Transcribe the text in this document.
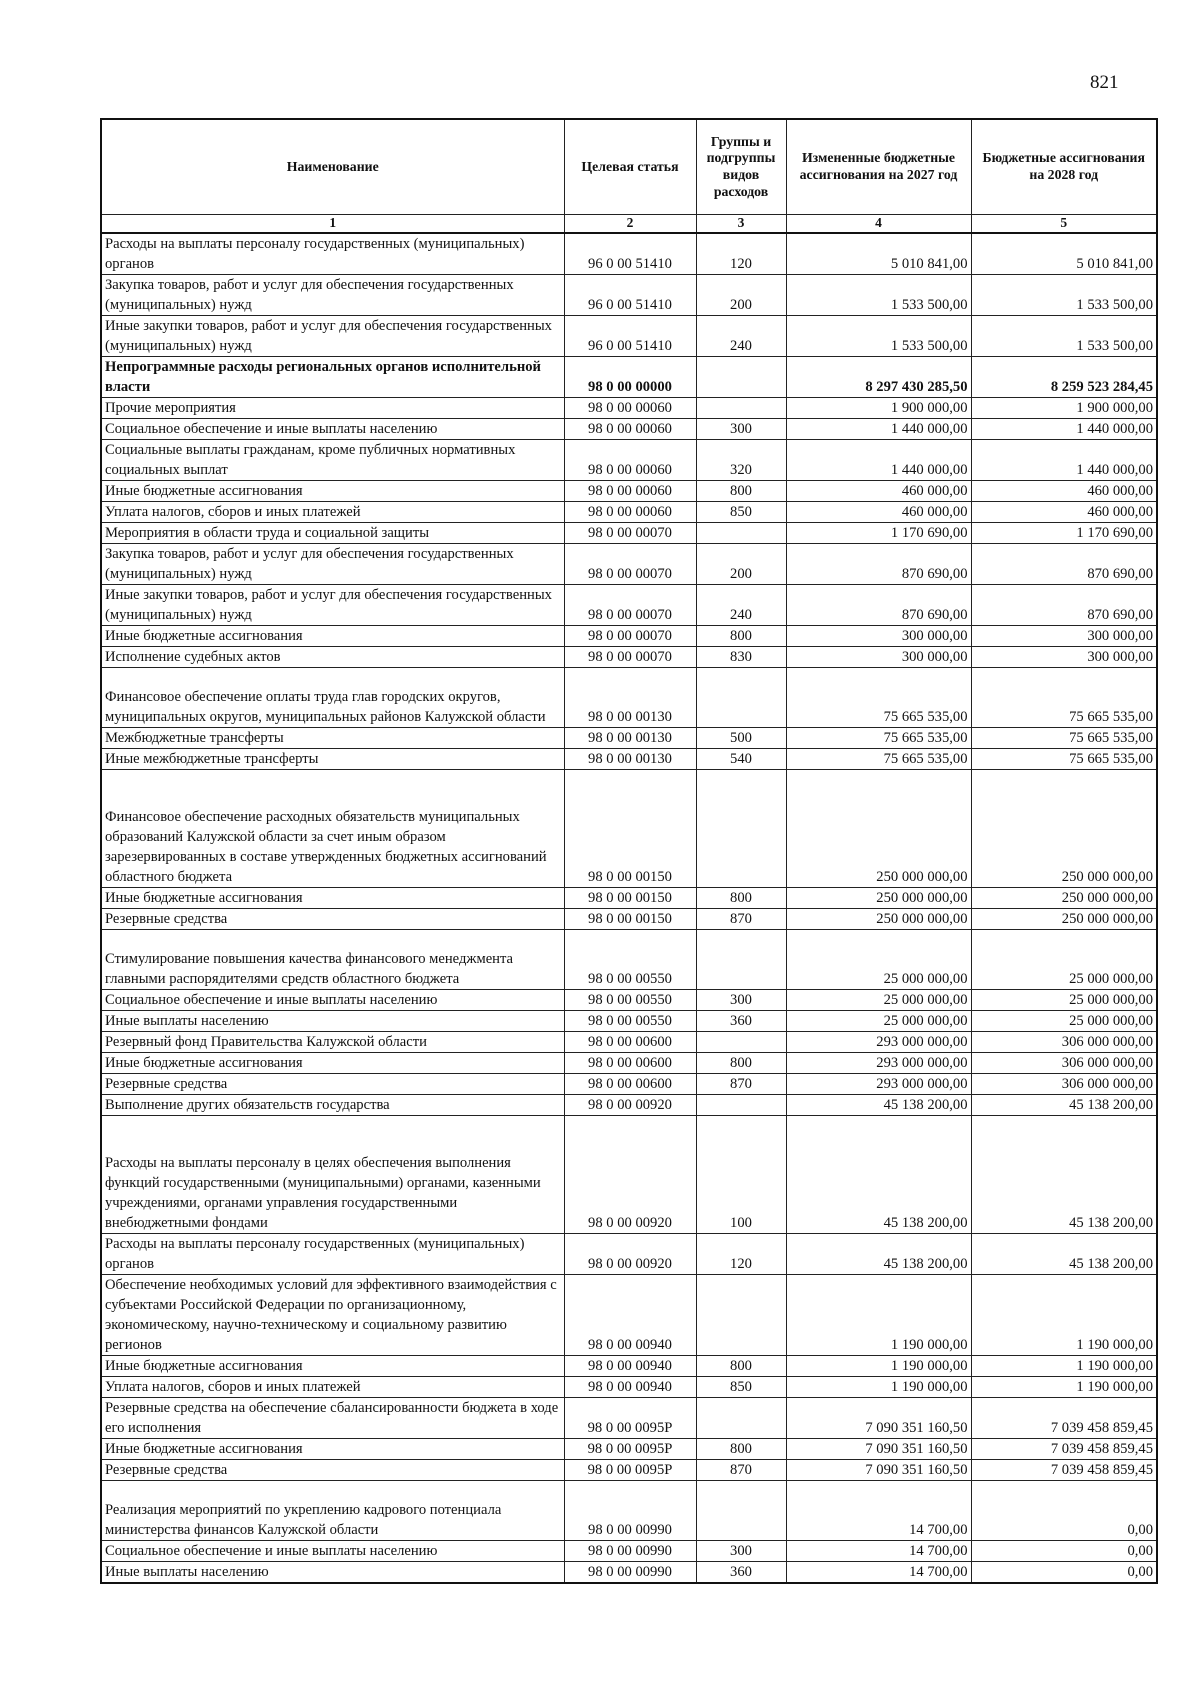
821
Наименование	Целевая статья	Группы и подгруппы видов расходов	Измененные бюджетные ассигнования на 2027 год	Бюджетные ассигнования на 2028 год
1	2	3	4	5
Расходы на выплаты персоналу государственных (муниципальных) органов	96 0 00 51410	120	5 010 841,00	5 010 841,00
Закупка товаров, работ и услуг для обеспечения государственных (муниципальных) нужд	96 0 00 51410	200	1 533 500,00	1 533 500,00
Иные закупки товаров, работ и услуг для обеспечения государственных (муниципальных) нужд	96 0 00 51410	240	1 533 500,00	1 533 500,00
Непрограммные расходы региональных органов исполнительной власти	98 0 00 00000		8 297 430 285,50	8 259 523 284,45
Прочие мероприятия	98 0 00 00060		1 900 000,00	1 900 000,00
Социальное обеспечение и иные выплаты населению	98 0 00 00060	300	1 440 000,00	1 440 000,00
Социальные выплаты гражданам, кроме публичных нормативных социальных выплат	98 0 00 00060	320	1 440 000,00	1 440 000,00
Иные бюджетные ассигнования	98 0 00 00060	800	460 000,00	460 000,00
Уплата налогов, сборов и иных платежей	98 0 00 00060	850	460 000,00	460 000,00
Мероприятия в области труда и социальной защиты	98 0 00 00070		1 170 690,00	1 170 690,00
Закупка товаров, работ и услуг для обеспечения государственных (муниципальных) нужд	98 0 00 00070	200	870 690,00	870 690,00
Иные закупки товаров, работ и услуг для обеспечения государственных (муниципальных) нужд	98 0 00 00070	240	870 690,00	870 690,00
Иные бюджетные ассигнования	98 0 00 00070	800	300 000,00	300 000,00
Исполнение судебных актов	98 0 00 00070	830	300 000,00	300 000,00
Финансовое обеспечение оплаты труда глав городских округов, муниципальных округов, муниципальных районов Калужской области	98 0 00 00130		75 665 535,00	75 665 535,00
Межбюджетные трансферты	98 0 00 00130	500	75 665 535,00	75 665 535,00
Иные межбюджетные трансферты	98 0 00 00130	540	75 665 535,00	75 665 535,00
Финансовое обеспечение расходных обязательств муниципальных образований Калужской области за счет иным образом зарезервированных в составе утвержденных бюджетных ассигнований областного бюджета	98 0 00 00150		250 000 000,00	250 000 000,00
Иные бюджетные ассигнования	98 0 00 00150	800	250 000 000,00	250 000 000,00
Резервные средства	98 0 00 00150	870	250 000 000,00	250 000 000,00
Стимулирование повышения качества финансового менеджмента главными распорядителями средств областного бюджета	98 0 00 00550		25 000 000,00	25 000 000,00
Социальное обеспечение и иные выплаты населению	98 0 00 00550	300	25 000 000,00	25 000 000,00
Иные выплаты населению	98 0 00 00550	360	25 000 000,00	25 000 000,00
Резервный фонд Правительства Калужской области	98 0 00 00600		293 000 000,00	306 000 000,00
Иные бюджетные ассигнования	98 0 00 00600	800	293 000 000,00	306 000 000,00
Резервные средства	98 0 00 00600	870	293 000 000,00	306 000 000,00
Выполнение других обязательств государства	98 0 00 00920		45 138 200,00	45 138 200,00
Расходы на выплаты персоналу в целях обеспечения выполнения функций государственными (муниципальными) органами, казенными учреждениями, органами управления государственными внебюджетными фондами	98 0 00 00920	100	45 138 200,00	45 138 200,00
Расходы на выплаты персоналу государственных (муниципальных) органов	98 0 00 00920	120	45 138 200,00	45 138 200,00
Обеспечение необходимых условий для эффективного взаимодействия с субъектами Российской Федерации по организационному, экономическому, научно-техническому и социальному развитию регионов	98 0 00 00940		1 190 000,00	1 190 000,00
Иные бюджетные ассигнования	98 0 00 00940	800	1 190 000,00	1 190 000,00
Уплата налогов, сборов и иных платежей	98 0 00 00940	850	1 190 000,00	1 190 000,00
Резервные средства на обеспечение сбалансированности бюджета в ходе его исполнения	98 0 00 0095P		7 090 351 160,50	7 039 458 859,45
Иные бюджетные ассигнования	98 0 00 0095P	800	7 090 351 160,50	7 039 458 859,45
Резервные средства	98 0 00 0095P	870	7 090 351 160,50	7 039 458 859,45
Реализация мероприятий по укреплению кадрового потенциала министерства финансов Калужской области	98 0 00 00990		14 700,00	0,00
Социальное обеспечение и иные выплаты населению	98 0 00 00990	300	14 700,00	0,00
Иные выплаты населению	98 0 00 00990	360	14 700,00	0,00
